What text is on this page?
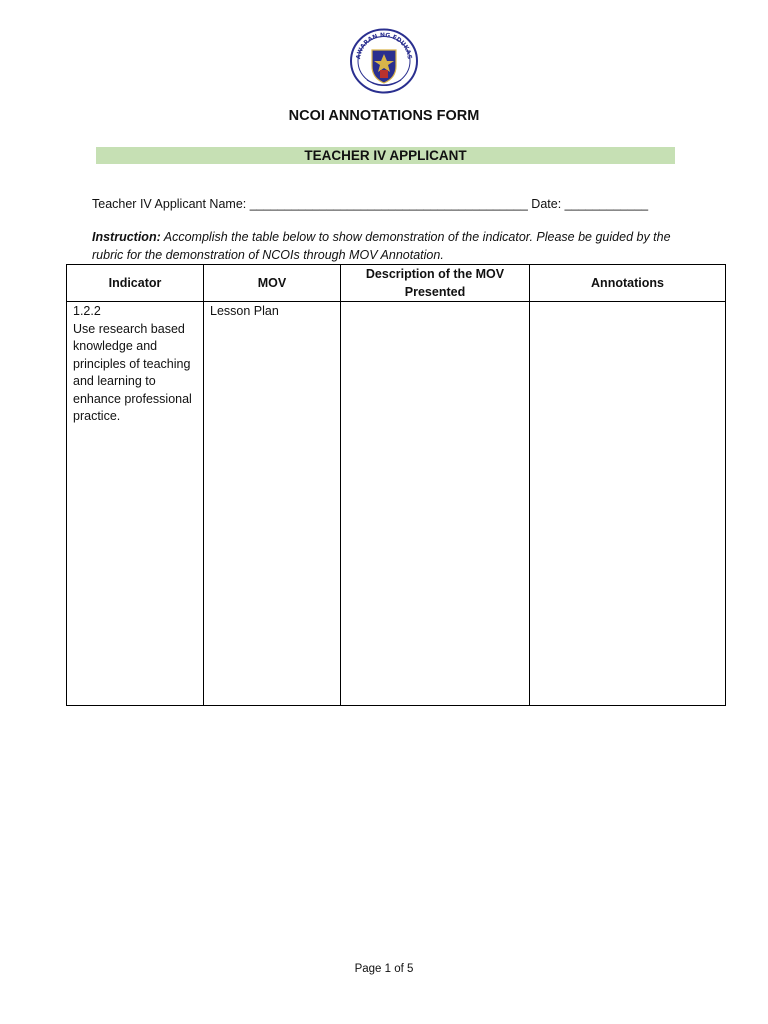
AWARAN NG EDUKAS
NCOI ANNOTATIONS FORM
TEACHER IV APPLICANT
Teacher IV Applicant Name: ________________________________________ Date: ____________
Instruction: Accomplish the table below to show demonstration of the indicator. Please be guided by the rubric for the demonstration of NCOIs through MOV Annotation.
Indicator	MOV	Description of the MOV Presented	Annotations
1.2.2
Use research based knowledge and principles of teaching and learning to enhance professional practice.	Lesson Plan		
Page 1 of 5
